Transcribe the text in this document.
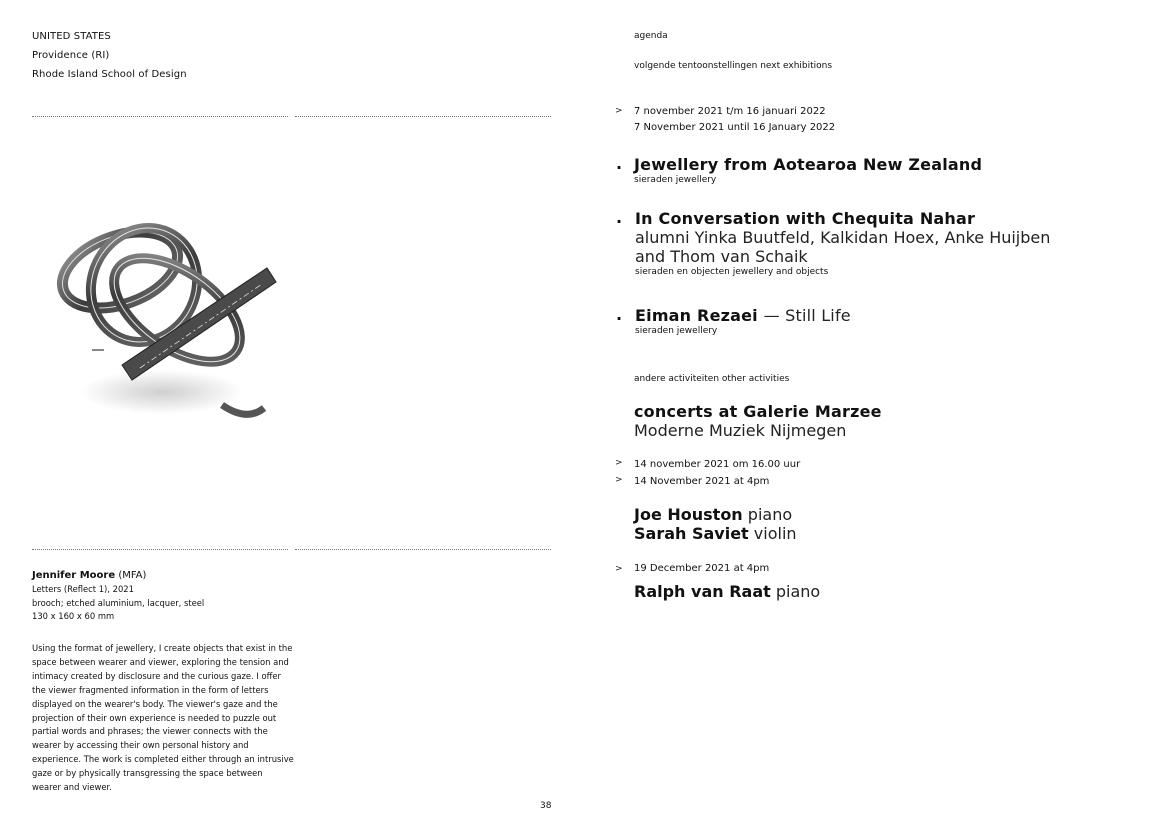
UNITED STATES
Providence (RI)
Rhode Island School of Design
Jennifer Moore (MFA)
Letters (Reflect 1), 2021
brooch; etched aluminium, lacquer, steel
130 x 160 x 60 mm
Using the format of jewellery, I create objects that exist in the space between wearer and viewer, exploring the tension and intimacy created by disclosure and the curious gaze. I offer the viewer fragmented information in the form of letters displayed on the wearer's body. The viewer's gaze and the projection of their own experience is needed to puzzle out partial words and phrases; the viewer connects with the wearer by accessing their own personal history and experience. The work is completed either through an intrusive gaze or by physically transgressing the space between wearer and viewer.
38
agenda
volgende tentoonstellingen next exhibitions
> 7 november 2021 t/m 16 januari 2022
7 November 2021 until 16 January 2022
. Jewellery from Aotearoa New Zealand
sieraden jewellery
. In Conversation with Chequita Nahar
alumni Yinka Buutfeld, Kalkidan Hoex, Anke Huijben
and Thom van Schaik
sieraden en objecten jewellery and objects
. Eiman Rezaei — Still Life
sieraden jewellery
andere activiteiten other activities
concerts at Galerie Marzee
Moderne Muziek Nijmegen
>
>
14 november 2021 om 16.00 uur
14 November 2021 at 4pm
Joe Houston piano
Sarah Saviet violin
> 19 December 2021 at 4pm
Ralph van Raat piano
